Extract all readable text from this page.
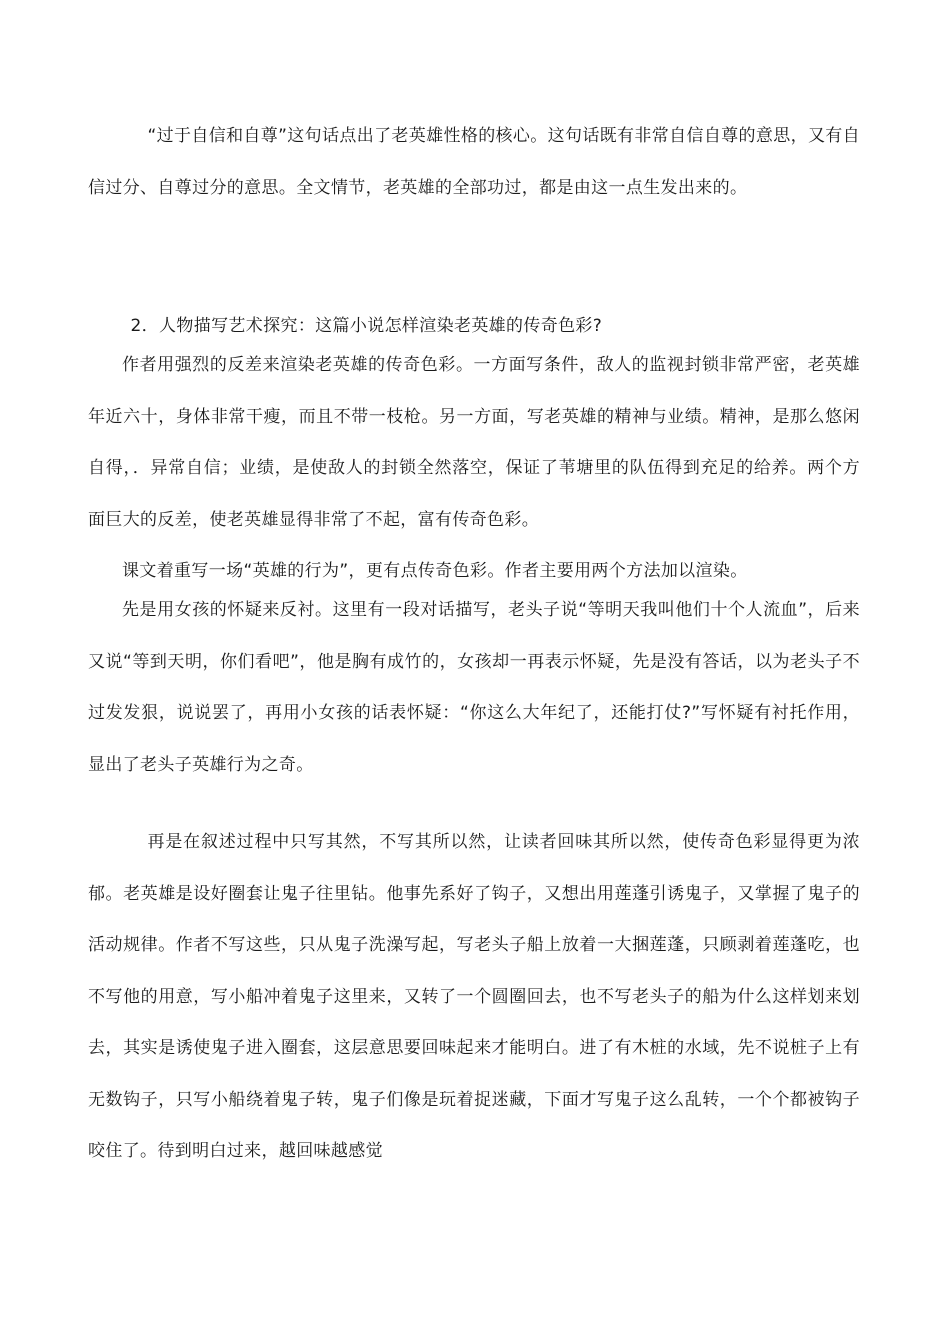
“过于自信和自尊”这句话点出了老英雄性格的核心。这句话既有非常自信自尊的意思，又有自信过分、自尊过分的意思。全文情节，老英雄的全部功过，都是由这一点生发出来的。

2．人物描写艺术探究：这篇小说怎样渲染老英雄的传奇色彩?

作者用强烈的反差来渲染老英雄的传奇色彩。一方面写条件，敌人的监视封锁非常严密，老英雄年近六十，身体非常干瘦，而且不带一枝枪。另一方面，写老英雄的精神与业绩。精神，是那么悠闲自得，．异常自信；业绩，是使敌人的封锁全然落空，保证了苇塘里的队伍得到充足的给养。两个方面巨大的反差，使老英雄显得非常了不起，富有传奇色彩。

课文着重写一场“英雄的行为”，更有点传奇色彩。作者主要用两个方法加以渲染。

先是用女孩的怀疑来反衬。这里有一段对话描写，老头子说“等明天我叫他们十个人流血”，后来又说“等到天明，你们看吧”，他是胸有成竹的，女孩却一再表示怀疑，先是没有答话，以为老头子不过发发狠，说说罢了，再用小女孩的话表怀疑：“你这么大年纪了，还能打仗?”写怀疑有衬托作用，显出了老头子英雄行为之奇。

再是在叙述过程中只写其然，不写其所以然，让读者回味其所以然，使传奇色彩显得更为浓郁。老英雄是设好圈套让鬼子往里钻。他事先系好了钩子，又想出用莲蓬引诱鬼子，又掌握了鬼子的活动规律。作者不写这些，只从鬼子洗澡写起，写老头子船上放着一大捆莲蓬，只顾剥着莲蓬吃，也不写他的用意，写小船冲着鬼子这里来，又转了一个圆圈回去，也不写老头子的船为什么这样划来划去，其实是诱使鬼子进入圈套，这层意思要回味起来才能明白。进了有木桩的水域，先不说桩子上有无数钩子，只写小船绕着鬼子转，鬼子们像是玩着捉迷藏，下面才写鬼子这么乱转，一个个都被钩子咬住了。待到明白过来，越回味越感觉
